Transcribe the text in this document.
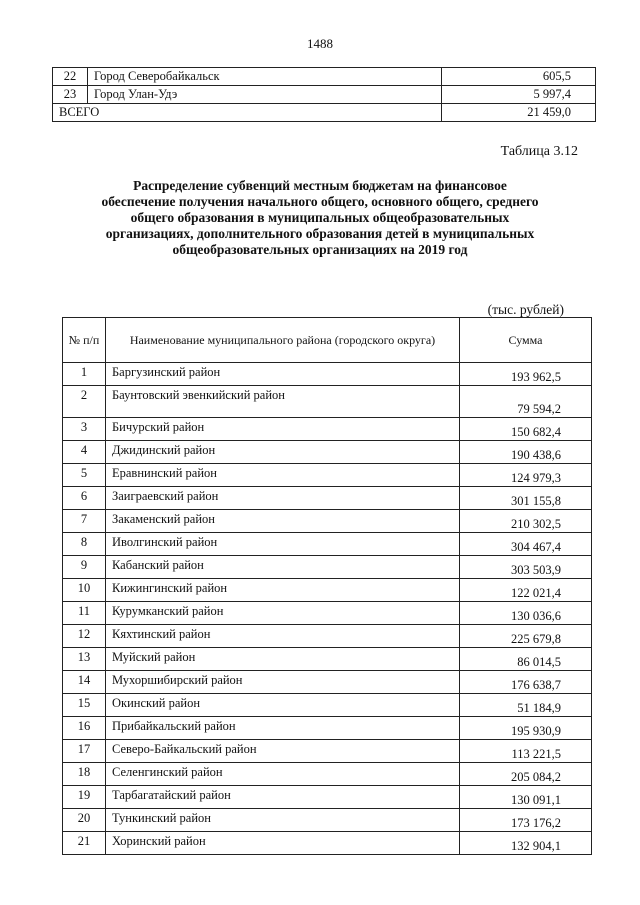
1488
22	Город Северобайкальск	605,5
23	Город Улан-Удэ	5 997,4
ВСЕГО		21 459,0
Таблица 3.12
Распределение субвенций местным бюджетам на финансовое обеспечение получения начального общего, основного общего, среднего общего образования в муниципальных общеобразовательных организациях, дополнительного образования детей в муниципальных общеобразовательных организациях на 2019 год
(тыс. рублей)
№ п/п	Наименование муниципального района (городского округа)	Сумма
1	Баргузинский район	193 962,5
2	Баунтовский эвенкийский район	79 594,2
3	Бичурский район	150 682,4
4	Джидинский район	190 438,6
5	Еравнинский район	124 979,3
6	Заиграевский район	301 155,8
7	Закаменский район	210 302,5
8	Иволгинский район	304 467,4
9	Кабанский район	303 503,9
10	Кижингинский район	122 021,4
11	Курумканский район	130 036,6
12	Кяхтинский район	225 679,8
13	Муйский район	86 014,5
14	Мухоршибирский район	176 638,7
15	Окинский район	51 184,9
16	Прибайкальский район	195 930,9
17	Северо-Байкальский район	113 221,5
18	Селенгинский район	205 084,2
19	Тарбагатайский район	130 091,1
20	Тункинский район	173 176,2
21	Хоринский район	132 904,1
